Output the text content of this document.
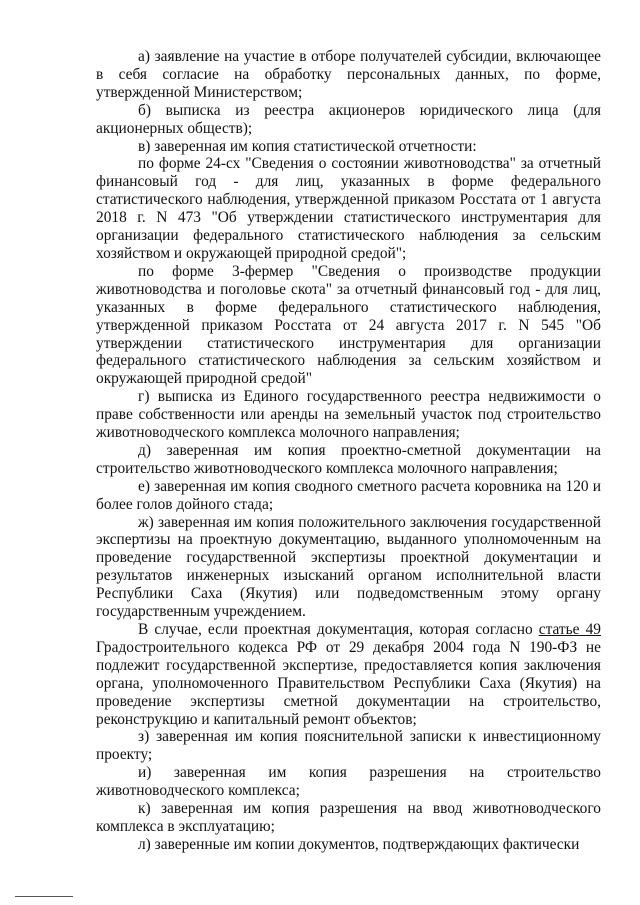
а) заявление на участие в отборе получателей субсидии, включающее в себя согласие на обработку персональных данных, по форме, утвержденной Министерством;

б) выписка из реестра акционеров юридического лица (для акционерных обществ);

в) заверенная им копия статистической отчетности:

по форме 24-сх "Сведения о состоянии животноводства" за отчетный финансовый год - для лиц, указанных в форме федерального статистического наблюдения, утвержденной приказом Росстата от 1 августа 2018 г. N 473 "Об утверждении статистического инструментария для организации федерального статистического наблюдения за сельским хозяйством и окружающей природной средой";

по форме 3-фермер "Сведения о производстве продукции животноводства и поголовье скота" за отчетный финансовый год - для лиц, указанных в форме федерального статистического наблюдения, утвержденной приказом Росстата от 24 августа 2017 г. N 545 "Об утверждении статистического инструментария для организации федерального статистического наблюдения за сельским хозяйством и окружающей природной средой"

г) выписка из Единого государственного реестра недвижимости о праве собственности или аренды на земельный участок под строительство животноводческого комплекса молочного направления;

д) заверенная им копия проектно-сметной документации на строительство животноводческого комплекса молочного направления;

е) заверенная им копия сводного сметного расчета коровника на 120 и более голов дойного стада;

ж) заверенная им копия положительного заключения государственной экспертизы на проектную документацию, выданного уполномоченным на проведение государственной экспертизы проектной документации и результатов инженерных изысканий органом исполнительной власти Республики Саха (Якутия) или подведомственным этому органу государственным учреждением.

В случае, если проектная документация, которая согласно статье 49 Градостроительного кодекса РФ от 29 декабря 2004 года N 190-ФЗ не подлежит государственной экспертизе, предоставляется копия заключения органа, уполномоченного Правительством Республики Саха (Якутия) на проведение экспертизы сметной документации на строительство, реконструкцию и капитальный ремонт объектов;

з) заверенная им копия пояснительной записки к инвестиционному проекту;

и) заверенная им копия разрешения на строительство животноводческого комплекса;

к) заверенная им копия разрешения на ввод животноводческого комплекса в эксплуатацию;

л) заверенные им копии документов, подтверждающих фактически
